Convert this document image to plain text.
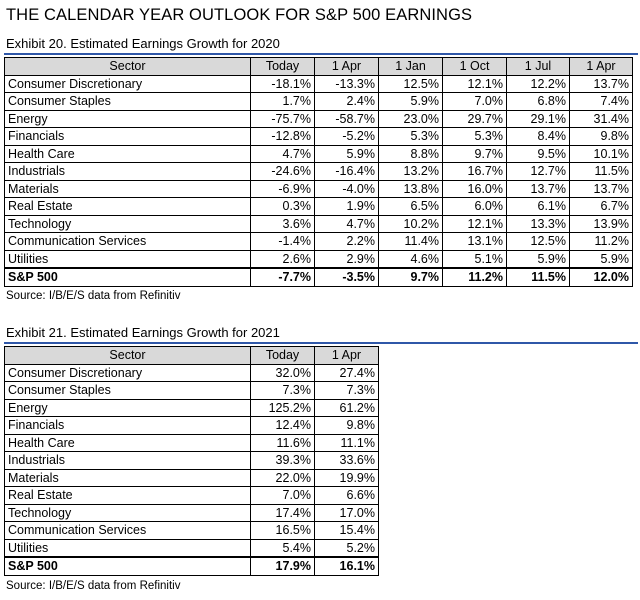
THE CALENDAR YEAR OUTLOOK FOR S&P 500 EARNINGS
Exhibit 20. Estimated Earnings Growth for 2020
Sector	Today	1 Apr	1 Jan	1 Oct	1 Jul	1 Apr
Consumer Discretionary	-18.1%	-13.3%	12.5%	12.1%	12.2%	13.7%
Consumer Staples	1.7%	2.4%	5.9%	7.0%	6.8%	7.4%
Energy	-75.7%	-58.7%	23.0%	29.7%	29.1%	31.4%
Financials	-12.8%	-5.2%	5.3%	5.3%	8.4%	9.8%
Health Care	4.7%	5.9%	8.8%	9.7%	9.5%	10.1%
Industrials	-24.6%	-16.4%	13.2%	16.7%	12.7%	11.5%
Materials	-6.9%	-4.0%	13.8%	16.0%	13.7%	13.7%
Real Estate	0.3%	1.9%	6.5%	6.0%	6.1%	6.7%
Technology	3.6%	4.7%	10.2%	12.1%	13.3%	13.9%
Communication Services	-1.4%	2.2%	11.4%	13.1%	12.5%	11.2%
Utilities	2.6%	2.9%	4.6%	5.1%	5.9%	5.9%
S&P 500	-7.7%	-3.5%	9.7%	11.2%	11.5%	12.0%
Source: I/B/E/S data from Refinitiv
Exhibit 21. Estimated Earnings Growth for 2021
Sector	Today	1 Apr
Consumer Discretionary	32.0%	27.4%
Consumer Staples	7.3%	7.3%
Energy	125.2%	61.2%
Financials	12.4%	9.8%
Health Care	11.6%	11.1%
Industrials	39.3%	33.6%
Materials	22.0%	19.9%
Real Estate	7.0%	6.6%
Technology	17.4%	17.0%
Communication Services	16.5%	15.4%
Utilities	5.4%	5.2%
S&P 500	17.9%	16.1%
Source: I/B/E/S data from Refinitiv
